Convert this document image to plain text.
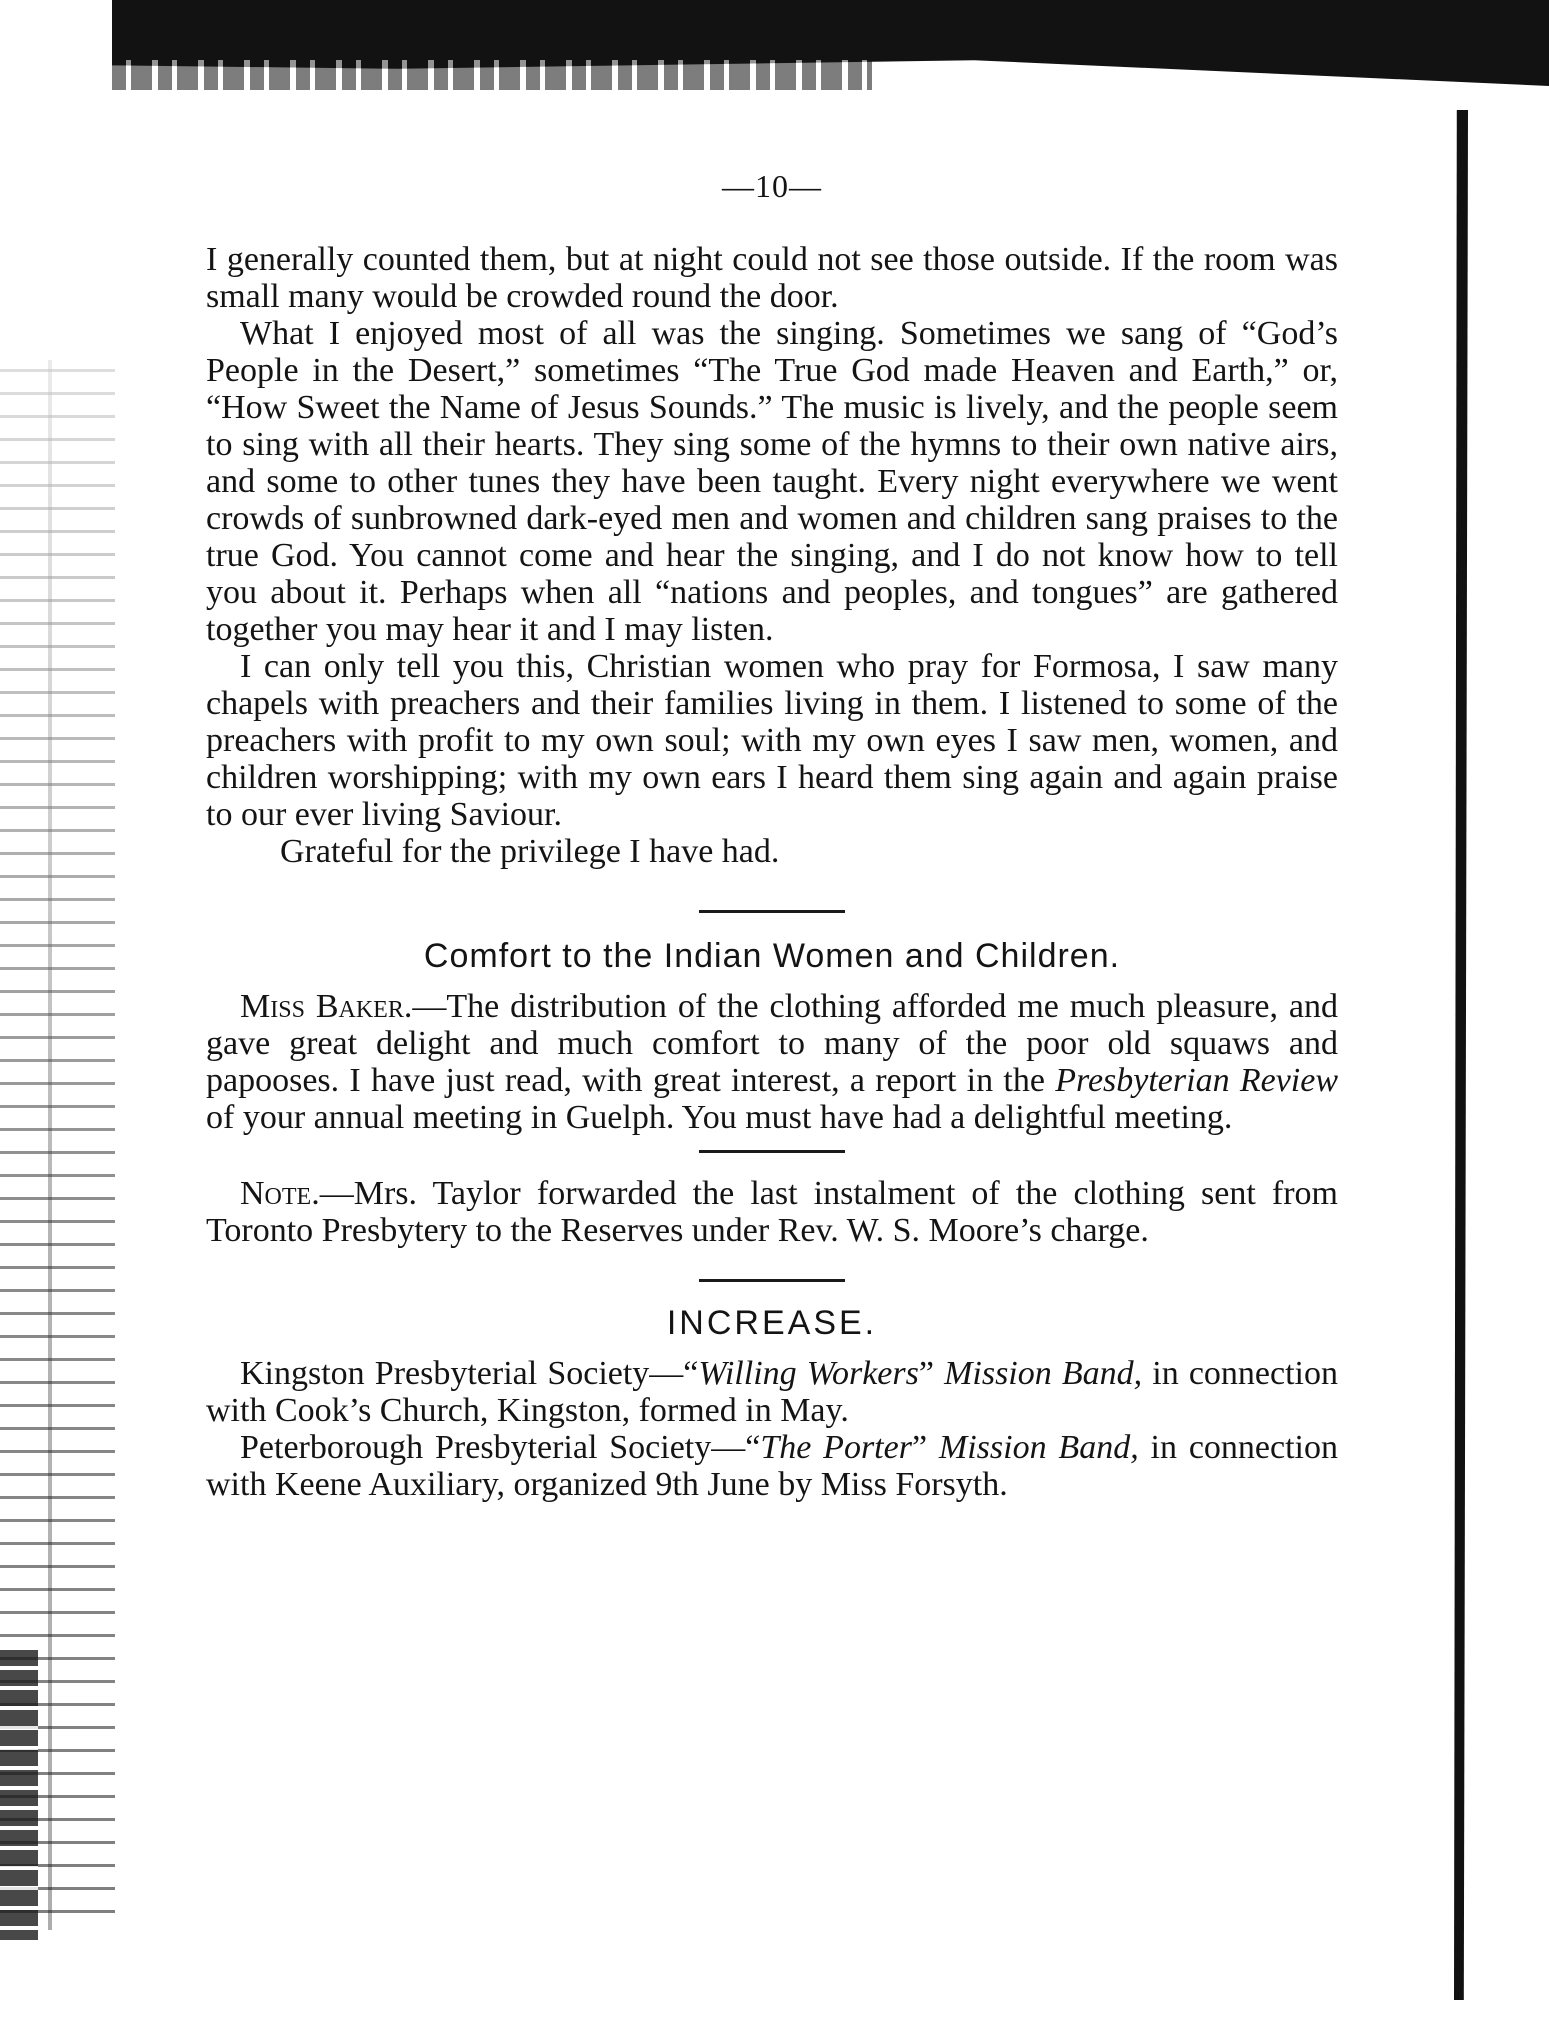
—10—

I generally counted them, but at night could not see those outside. If the room was small many would be crowded round the door.

What I enjoyed most of all was the singing. Sometimes we sang of “God’s People in the Desert,” sometimes “The True God made Heaven and Earth,” or, “How Sweet the Name of Jesus Sounds.” The music is lively, and the people seem to sing with all their hearts. They sing some of the hymns to their own native airs, and some to other tunes they have been taught. Every night everywhere we went crowds of sunbrowned dark-eyed men and women and children sang praises to the true God. You cannot come and hear the singing, and I do not know how to tell you about it. Perhaps when all “nations and peoples, and tongues” are gathered together you may hear it and I may listen.

I can only tell you this, Christian women who pray for Formosa, I saw many chapels with preachers and their families living in them. I listened to some of the preachers with profit to my own soul; with my own eyes I saw men, women, and children worshipping; with my own ears I heard them sing again and again praise to our ever living Saviour.

Grateful for the privilege I have had.

Comfort to the Indian Women and Children.

Miss Baker.—The distribution of the clothing afforded me much pleasure, and gave great delight and much comfort to many of the poor old squaws and papooses. I have just read, with great interest, a report in the Presbyterian Review of your annual meeting in Guelph. You must have had a delightful meeting.

Note.—Mrs. Taylor forwarded the last instalment of the clothing sent from Toronto Presbytery to the Reserves under Rev. W. S. Moore’s charge.

INCREASE.

Kingston Presbyterial Society—“Willing Workers” Mission Band, in connection with Cook’s Church, Kingston, formed in May.

Peterborough Presbyterial Society—“The Porter” Mission Band, in connection with Keene Auxiliary, organized 9th June by Miss Forsyth.
